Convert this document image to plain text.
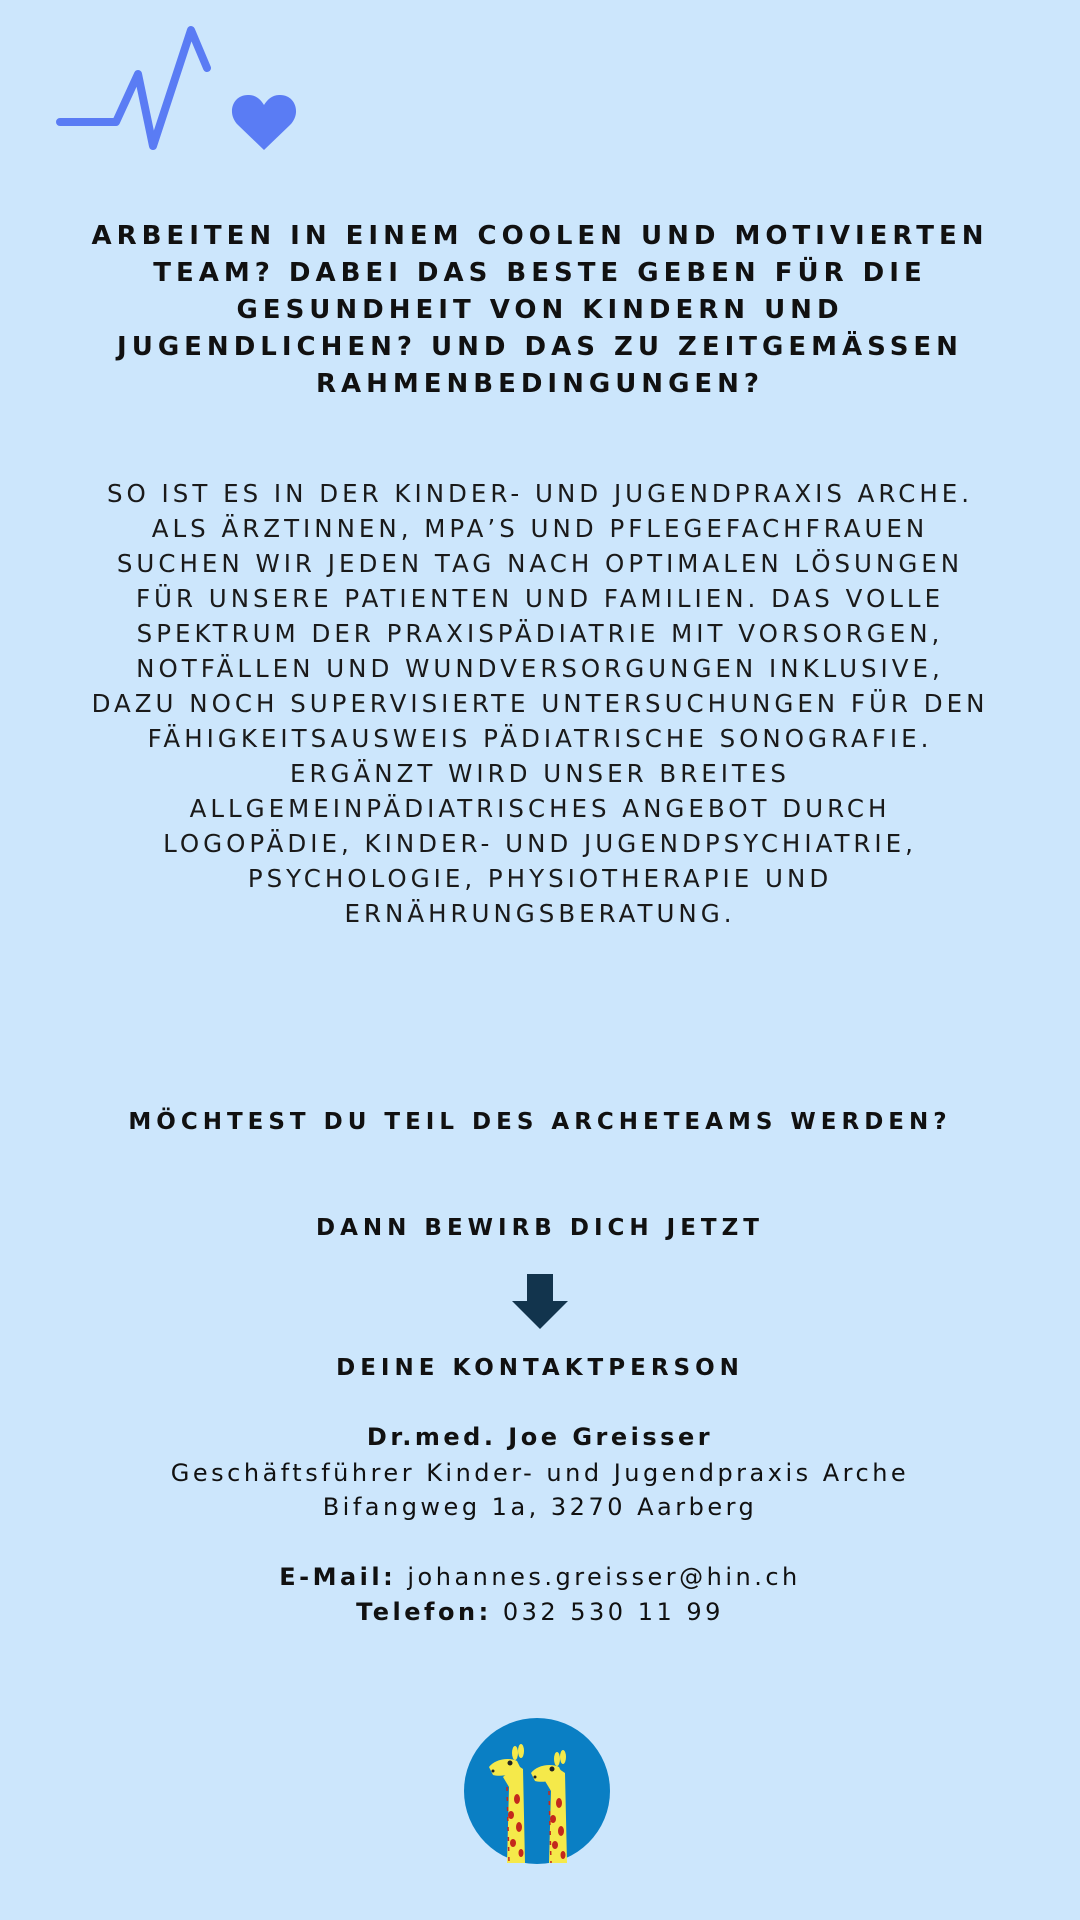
ARBEITEN IN EINEM COOLEN UND MOTIVIERTEN TEAM? DABEI DAS BESTE GEBEN FÜR DIE GESUNDHEIT VON KINDERN UND JUGENDLICHEN? UND DAS ZU ZEITGEMÄSSEN RAHMENBEDINGUNGEN?
SO IST ES IN DER KINDER- UND JUGENDPRAXIS ARCHE. ALS ÄRZTINNEN, MPA’S UND PFLEGEFACHFRAUEN SUCHEN WIR JEDEN TAG NACH OPTIMALEN LÖSUNGEN FÜR UNSERE PATIENTEN UND FAMILIEN. DAS VOLLE SPEKTRUM DER PRAXISPÄDIATRIE MIT VORSORGEN, NOTFÄLLEN UND WUNDVERSORGUNGEN INKLUSIVE, DAZU NOCH SUPERVISIERTE UNTERSUCHUNGEN FÜR DEN FÄHIGKEITSAUSWEIS PÄDIATRISCHE SONOGRAFIE. ERGÄNZT WIRD UNSER BREITES ALLGEMEINPÄDIATRISCHES ANGEBOT DURCH LOGOPÄDIE, KINDER- UND JUGENDPSYCHIATRIE, PSYCHOLOGIE, PHYSIOTHERAPIE UND ERNÄHRUNGSBERATUNG.
MÖCHTEST DU TEIL DES ARCHETEAMS WERDEN?
DANN BEWIRB DICH JETZT
DEINE KONTAKTPERSON
Dr.med. Joe Greisser
Geschäftsführer Kinder- und Jugendpraxis Arche
Bifangweg 1a, 3270 Aarberg
E-Mail: johannes.greisser@hin.ch
Telefon: 032 530 11 99
